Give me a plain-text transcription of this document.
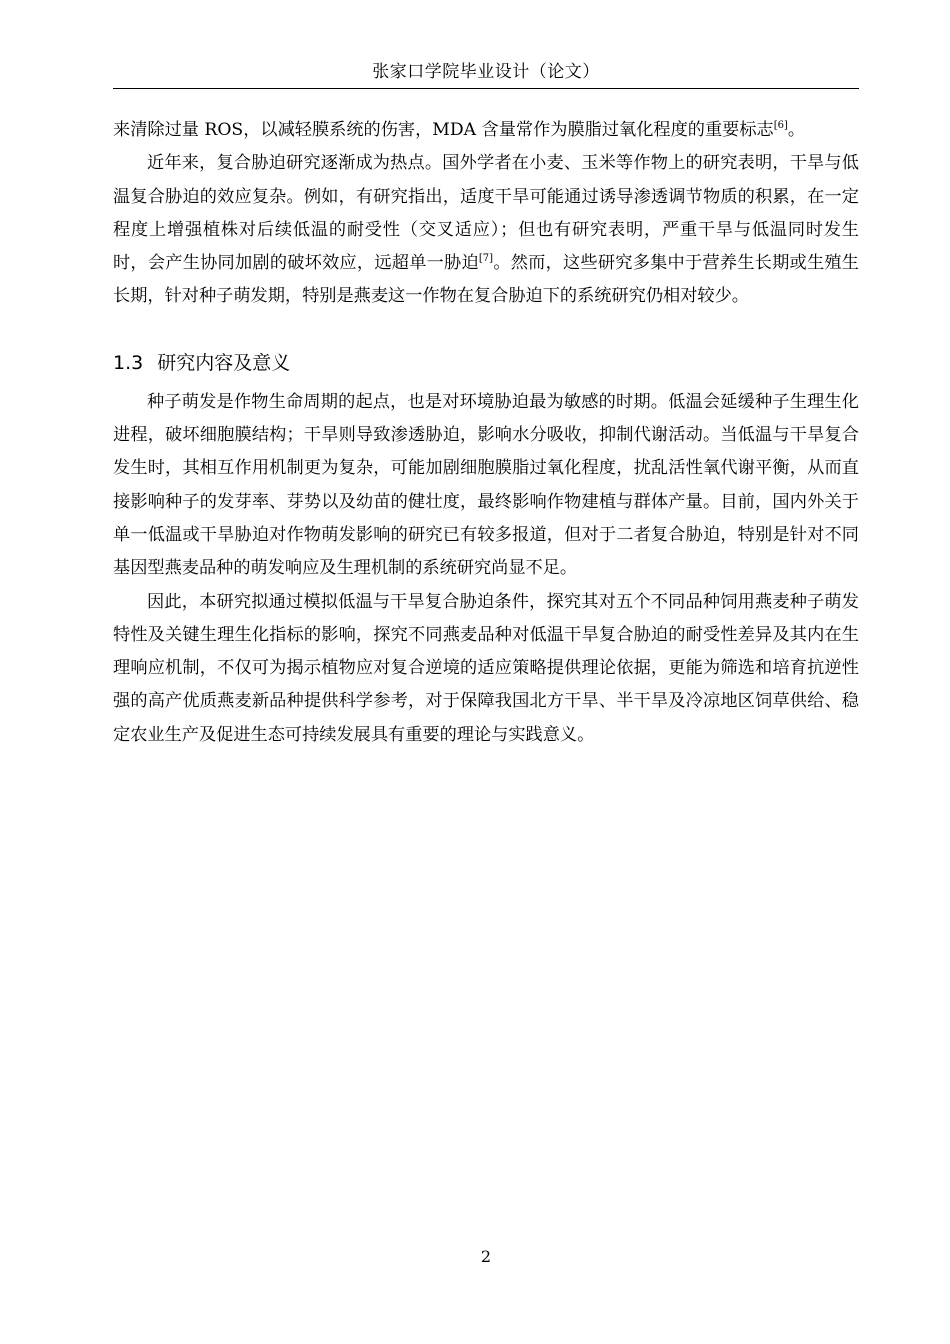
张家口学院毕业设计（论文）

来清除过量 ROS，以减轻膜系统的伤害，MDA 含量常作为膜脂过氧化程度的重要标志[6]。

近年来，复合胁迫研究逐渐成为热点。国外学者在小麦、玉米等作物上的研究表明，干旱与低温复合胁迫的效应复杂。例如，有研究指出，适度干旱可能通过诱导渗透调节物质的积累，在一定程度上增强植株对后续低温的耐受性（交叉适应）；但也有研究表明，严重干旱与低温同时发生时，会产生协同加剧的破坏效应，远超单一胁迫[7]。然而，这些研究多集中于营养生长期或生殖生长期，针对种子萌发期，特别是燕麦这一作物在复合胁迫下的系统研究仍相对较少。

1.3 研究内容及意义

种子萌发是作物生命周期的起点，也是对环境胁迫最为敏感的时期。低温会延缓种子生理生化进程，破坏细胞膜结构；干旱则导致渗透胁迫，影响水分吸收，抑制代谢活动。当低温与干旱复合发生时，其相互作用机制更为复杂，可能加剧细胞膜脂过氧化程度，扰乱活性氧代谢平衡，从而直接影响种子的发芽率、芽势以及幼苗的健壮度，最终影响作物建植与群体产量。目前，国内外关于单一低温或干旱胁迫对作物萌发影响的研究已有较多报道，但对于二者复合胁迫，特别是针对不同基因型燕麦品种的萌发响应及生理机制的系统研究尚显不足。

因此，本研究拟通过模拟低温与干旱复合胁迫条件，探究其对五个不同品种饲用燕麦种子萌发特性及关键生理生化指标的影响，探究不同燕麦品种对低温干旱复合胁迫的耐受性差异及其内在生理响应机制，不仅可为揭示植物应对复合逆境的适应策略提供理论依据，更能为筛选和培育抗逆性强的高产优质燕麦新品种提供科学参考，对于保障我国北方干旱、半干旱及冷凉地区饲草供给、稳定农业生产及促进生态可持续发展具有重要的理论与实践意义。

2
